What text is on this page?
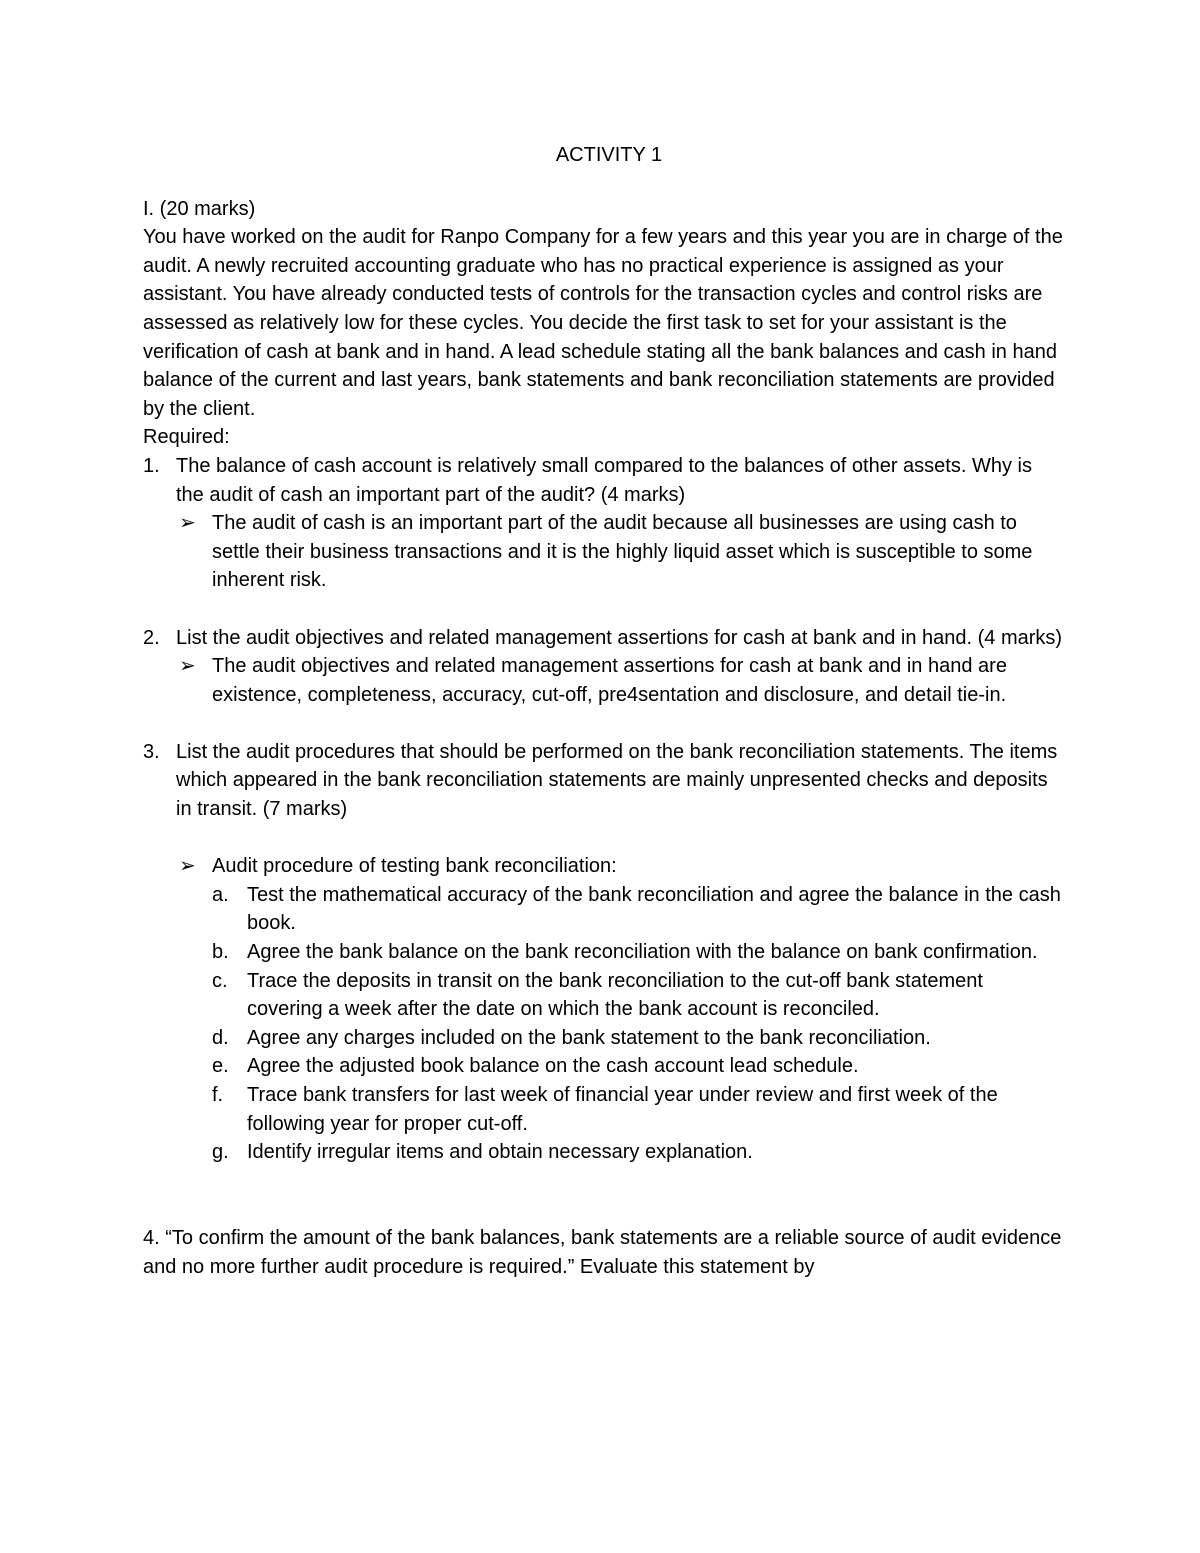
ACTIVITY 1

I. (20 marks)

You have worked on the audit for Ranpo Company for a few years and this year you are in charge of the audit. A newly recruited accounting graduate who has no practical experience is assigned as your assistant. You have already conducted tests of controls for the transaction cycles and control risks are assessed as relatively low for these cycles. You decide the first task to set for your assistant is the verification of cash at bank and in hand. A lead schedule stating all the bank balances and cash in hand balance of the current and last years, bank statements and bank reconciliation statements are provided by the client.

Required:

1. The balance of cash account is relatively small compared to the balances of other assets. Why is the audit of cash an important part of the audit? (4 marks)

➢ The audit of cash is an important part of the audit because all businesses are using cash to settle their business transactions and it is the highly liquid asset which is susceptible to some inherent risk.

2. List the audit objectives and related management assertions for cash at bank and in hand. (4 marks)

➢ The audit objectives and related management assertions for cash at bank and in hand are existence, completeness, accuracy, cut-off, pre4sentation and disclosure, and detail tie-in.

3. List the audit procedures that should be performed on the bank reconciliation statements. The items which appeared in the bank reconciliation statements are mainly unpresented checks and deposits in transit. (7 marks)

➢ Audit procedure of testing bank reconciliation:

a. Test the mathematical accuracy of the bank reconciliation and agree the balance in the cash book.

b. Agree the bank balance on the bank reconciliation with the balance on bank confirmation.

c. Trace the deposits in transit on the bank reconciliation to the cut-off bank statement covering a week after the date on which the bank account is reconciled.

d. Agree any charges included on the bank statement to the bank reconciliation.

e. Agree the adjusted book balance on the cash account lead schedule.

f. Trace bank transfers for last week of financial year under review and first week of the following year for proper cut-off.

g. Identify irregular items and obtain necessary explanation.

4. “To confirm the amount of the bank balances, bank statements are a reliable source of audit evidence and no more further audit procedure is required.” Evaluate this statement by
